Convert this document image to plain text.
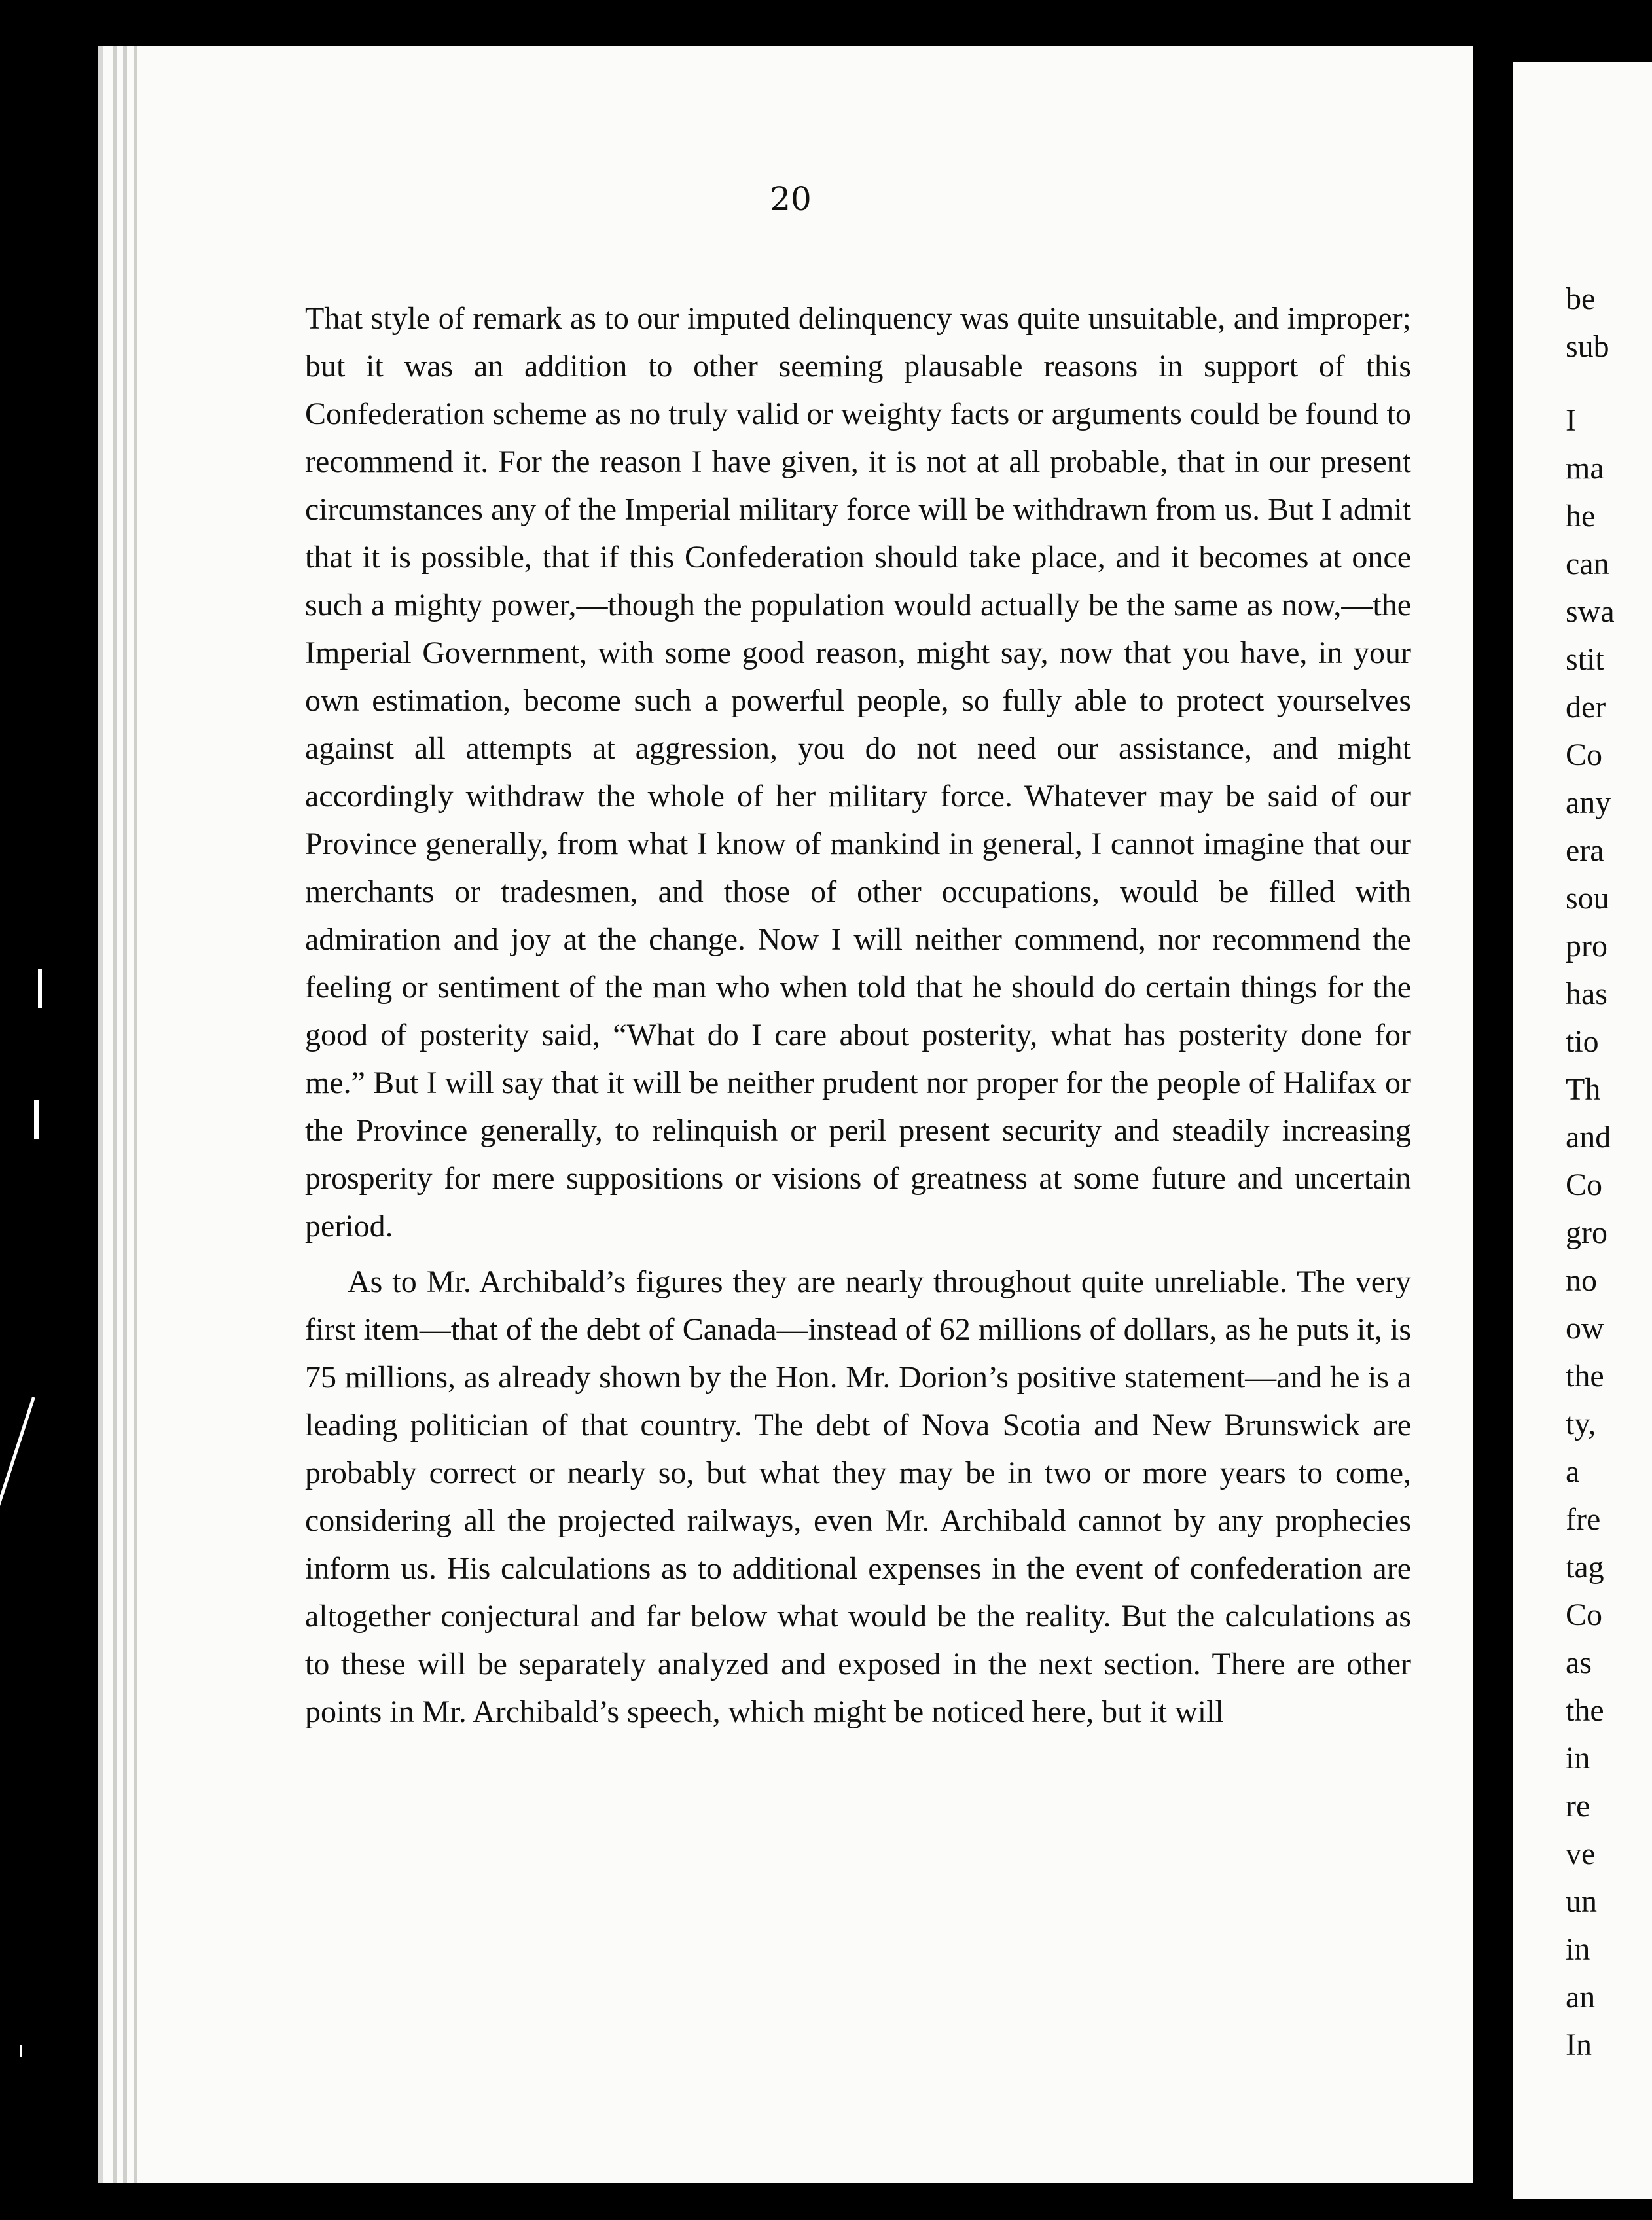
20

That style of remark as to our imputed delinquency was quite unsuitable, and improper; but it was an addition to other seeming plausable reasons in support of this Confederation scheme as no truly valid or weighty facts or arguments could be found to recommend it. For the reason I have given, it is not at all probable, that in our present circumstances any of the Imperial military force will be withdrawn from us. But I admit that it is possible, that if this Confederation should take place, and it becomes at once such a mighty power,—though the population would actually be the same as now,—the Imperial Government, with some good reason, might say, now that you have, in your own estimation, become such a powerful people, so fully able to protect yourselves against all attempts at aggression, you do not need our assistance, and might accordingly withdraw the whole of her military force. Whatever may be said of our Province generally, from what I know of mankind in general, I cannot imagine that our merchants or tradesmen, and those of other occupations, would be filled with admiration and joy at the change. Now I will neither commend, nor recommend the feeling or sentiment of the man who when told that he should do certain things for the good of posterity said, “What do I care about posterity, what has posterity done for me.” But I will say that it will be neither prudent nor proper for the people of Halifax or the Province generally, to relinquish or peril present security and steadily increasing prosperity for mere suppositions or visions of greatness at some future and uncertain period.

As to Mr. Archibald’s figures they are nearly throughout quite unreliable. The very first item—that of the debt of Canada—instead of 62 millions of dollars, as he puts it, is 75 millions, as already shown by the Hon. Mr. Dorion’s positive statement—and he is a leading politician of that country. The debt of Nova Scotia and New Brunswick are probably correct or nearly so, but what they may be in two or more years to come, considering all the projected railways, even Mr. Archibald cannot by any prophecies inform us. His calculations as to additional expenses in the event of confederation are altogether conjectural and far below what would be the reality. But the calculations as to these will be separately analyzed and exposed in the next section. There are other points in Mr. Archibald’s speech, which might be noticed here, but it will

be
sub
I
ma
he
can
swa
stit
der
Co
any
era
sou
pro
has
tio
Th
and
Co
gro
no
ow
the
ty,
a
fre
tag
Co
as
the
in
re
ve
un
in
an
In
